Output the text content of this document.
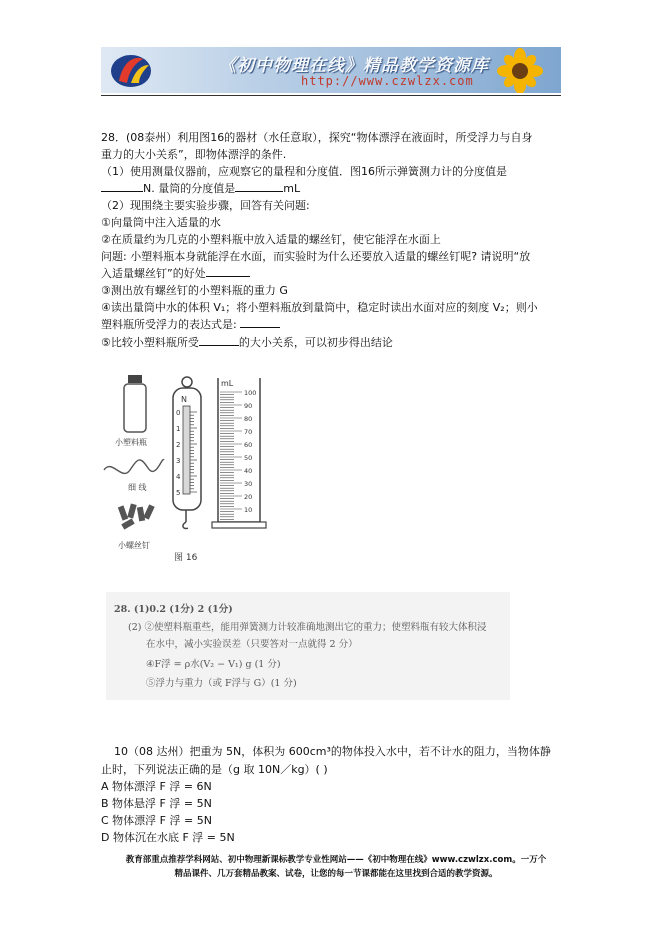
《初中物理在线》精品教学资源库
http://www.czwlzx.com
28．(08泰州）利用图16的器材（水任意取），探究“物体漂浮在液面时，所受浮力与自身
重力的大小关系”，即物体漂浮的条件.
（1）使用测量仪器前，应观察它的量程和分度值．图16所示弹簧测力计的分度值是
N. 量筒的分度值是	mL
（2）现围绕主要实验步骤，回答有关问题:
①向量筒中注入适量的水
②在质量约为几克的小塑料瓶中放入适量的螺丝钉，使它能浮在水面上
问题: 小塑料瓶本身就能浮在水面，而实验时为什么还要放入适量的螺丝钉呢? 请说明“放
入适量螺丝钉”的好处
③测出放有螺丝钉的小塑料瓶的重力 G
④读出量筒中水的体积 V₁；将小塑料瓶放到量筒中，稳定时读出水面对应的刻度 V₂；则小
塑料瓶所受浮力的表达式是:
⑤比较小塑料瓶所受	的大小关系，可以初步得出结论
小塑料瓶
细 线
小螺丝钉
N
0
1
2
3
4
5
mL
100
90
80
70
60
50
40
30
20
10
图 16
28. (1)0.2 (1分) 2 (1分)
(2) ②使塑料瓶重些，能用弹簧测力计较准确地测出它的重力；使塑料瓶有较大体积浸
在水中，减小实验误差（只要答对一点就得 2 分）
④F浮 = ρ水(V₂ − V₁) g (1 分)
⑤浮力与重力（或 F浮与 G）(1 分)
10（08 达州）把重为 5N，体积为 600cm³的物体投入水中，若不计水的阻力，当物体静
止时，下列说法正确的是（g 取 10N／kg）( )
A 物体漂浮 F 浮 = 6N
B 物体悬浮 F 浮 = 5N
C 物体漂浮 F 浮 = 5N
D 物体沉在水底 F 浮 = 5N
教育部重点推荐学科网站、初中物理新课标教学专业性网站——《初中物理在线》www.czwlzx.com。一万个
精品课件、几万套精品教案、试卷，让您的每一节课都能在这里找到合适的教学资源。
